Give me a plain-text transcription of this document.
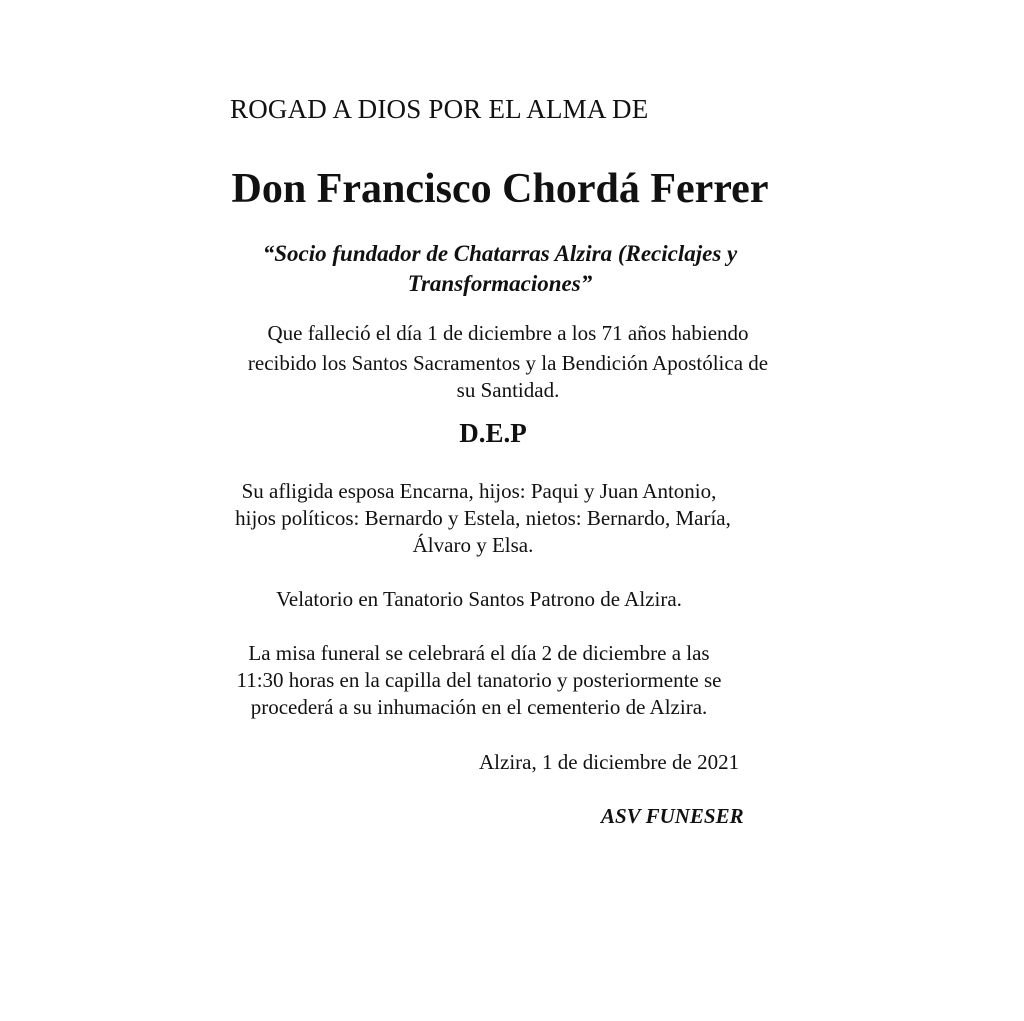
ROGAD A DIOS POR EL ALMA DE
Don Francisco Chordá Ferrer
“Socio fundador de Chatarras Alzira (Reciclajes y
Transformaciones”
Que falleció el día 1 de diciembre a los 71 años habiendo
recibido los Santos Sacramentos y la Bendición Apostólica de
su Santidad.
D.E.P
Su afligida esposa Encarna, hijos: Paqui y Juan Antonio,
hijos políticos: Bernardo y Estela, nietos: Bernardo, María,
Álvaro y Elsa.
Velatorio en Tanatorio Santos Patrono de Alzira.
La misa funeral se celebrará el día 2 de diciembre a las
11:30 horas en la capilla del tanatorio y posteriormente se
procederá a su inhumación en el cementerio de Alzira.
Alzira, 1 de diciembre de 2021
ASV FUNESER
